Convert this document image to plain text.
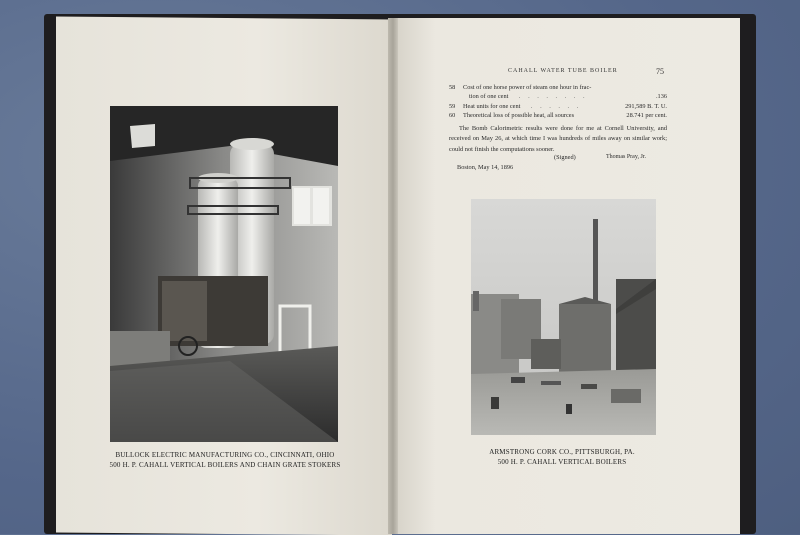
BULLOCK ELECTRIC MANUFACTURING CO., CINCINNATI, OHIO
500 H. P. CAHALL VERTICAL BOILERS AND CHAIN GRATE STOKERS
CAHALL WATER TUBE BOILER	75
58 Cost of one horse power of steam one hour in frac-
tion of one cent . . . . . . . .	.136
59 Heat units for one cent . . . . . .	291,589 B. T. U.
60 Theoretical loss of possible heat, all sources	28.741 per cent.
The Bomb Calorimetric results were done for me at Cornell University, and received on May 26, at which time I was hundreds of miles away on similar work; could not finish the computations sooner.
(Signed)	Thomas Pray, Jr.
Boston, May 14, 1896
ARMSTRONG CORK CO., PITTSBURGH, PA.
500 H. P. CAHALL VERTICAL BOILERS
